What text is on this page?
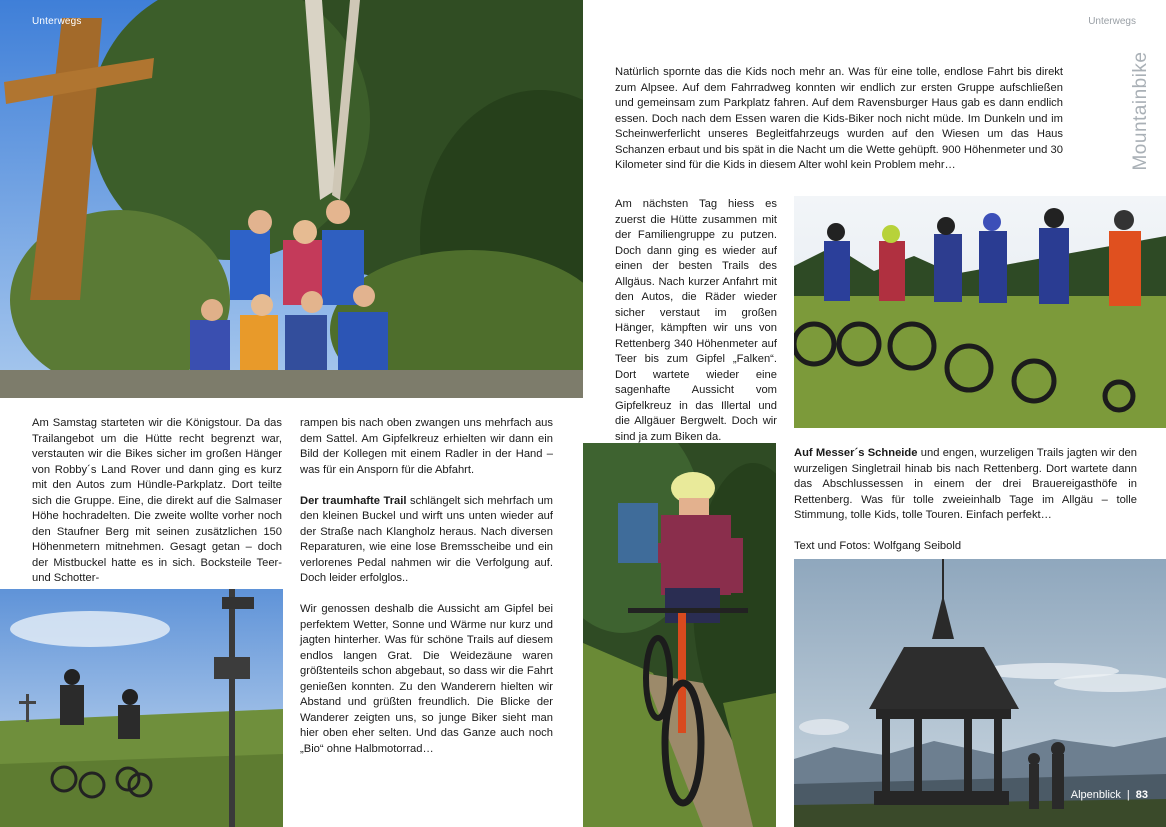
Unterwegs

Am Samstag starteten wir die Königstour. Da das Trailangebot um die Hütte recht begrenzt war, verstauten wir die Bikes sicher im großen Hänger von Robby´s Land Rover und dann ging es kurz mit den Autos zum Hündle-Parkplatz. Dort teilte sich die Gruppe. Eine, die direkt auf die Salmaser Höhe hochradelten. Die zweite wollte vorher noch den Staufner Berg mit seinen zusätzlichen 150 Höhenmetern mitnehmen. Gesagt getan – doch der Mistbuckel hatte es in sich. Bocksteile Teer- und Schotter-

rampen bis nach oben zwangen uns mehrfach aus dem Sattel. Am Gipfelkreuz erhielten wir dann ein Bild der Kollegen mit einem Radler in der Hand – was für ein Ansporn für die Abfahrt.

Der traumhafte Trail schlängelt sich mehrfach um den kleinen Buckel und wirft uns unten wieder auf der Straße nach Klangholz heraus. Nach diversen Reparaturen, wie eine lose Bremsscheibe und ein verlorenes Pedal nahmen wir die Verfolgung auf. Doch leider erfolglos..

Wir genossen deshalb die Aussicht am Gipfel bei perfektem Wetter, Sonne und Wärme nur kurz und jagten hinterher. Was für schöne Trails auf diesem endlos langen Grat. Die Weidezäune waren größtenteils schon abgebaut, so dass wir die Fahrt genießen konnten. Zu den Wanderern hielten wir Abstand und grüßten freundlich. Die Blicke der Wanderer zeigten uns, so junge Biker sieht man hier oben eher selten. Und das Ganze auch noch „Bio“ ohne Halbmotorrad…

Unterwegs
Mountainbike

Natürlich spornte das die Kids noch mehr an. Was für eine tolle, endlose Fahrt bis direkt zum Alpsee. Auf dem Fahrradweg konnten wir endlich zur ersten Gruppe aufschließen und gemeinsam zum Parkplatz fahren. Auf dem Ravensburger Haus gab es dann endlich essen. Doch nach dem Essen waren die Kids-Biker noch nicht müde. Im Dunkeln und im Scheinwerferlicht unseres Begleitfahrzeugs wurden auf den Wiesen um das Haus Schanzen erbaut und bis spät in die Nacht um die Wette gehüpft. 900 Höhenmeter und 30 Kilometer sind für die Kids in diesem Alter wohl kein Problem mehr…

Am nächsten Tag hiess es zuerst die Hütte zusammen mit der Familiengruppe zu putzen. Doch dann ging es wieder auf einen der besten Trails des Allgäus. Nach kurzer Anfahrt mit den Autos, die Räder wieder sicher verstaut im großen Hänger, kämpften wir uns von Rettenberg 340 Höhenmeter auf Teer bis zum Gipfel „Falken“. Dort wartete wieder eine sagenhafte Aussicht vom Gipfelkreuz in das Illertal und die Allgäuer Bergwelt. Doch wir sind ja zum Biken da.

Auf Messer´s Schneide und engen, wurzeligen Trails jagten wir den wurzeligen Singletrail hinab bis nach Rettenberg. Dort wartete dann das Abschlussessen in einem der drei Brauereigasthöfe in Rettenberg. Was für tolle zweieinhalb Tage im Allgäu – tolle Stimmung, tolle Kids, tolle Touren. Einfach perfekt…

Text und Fotos: Wolfgang Seibold

Alpenblick | 83
